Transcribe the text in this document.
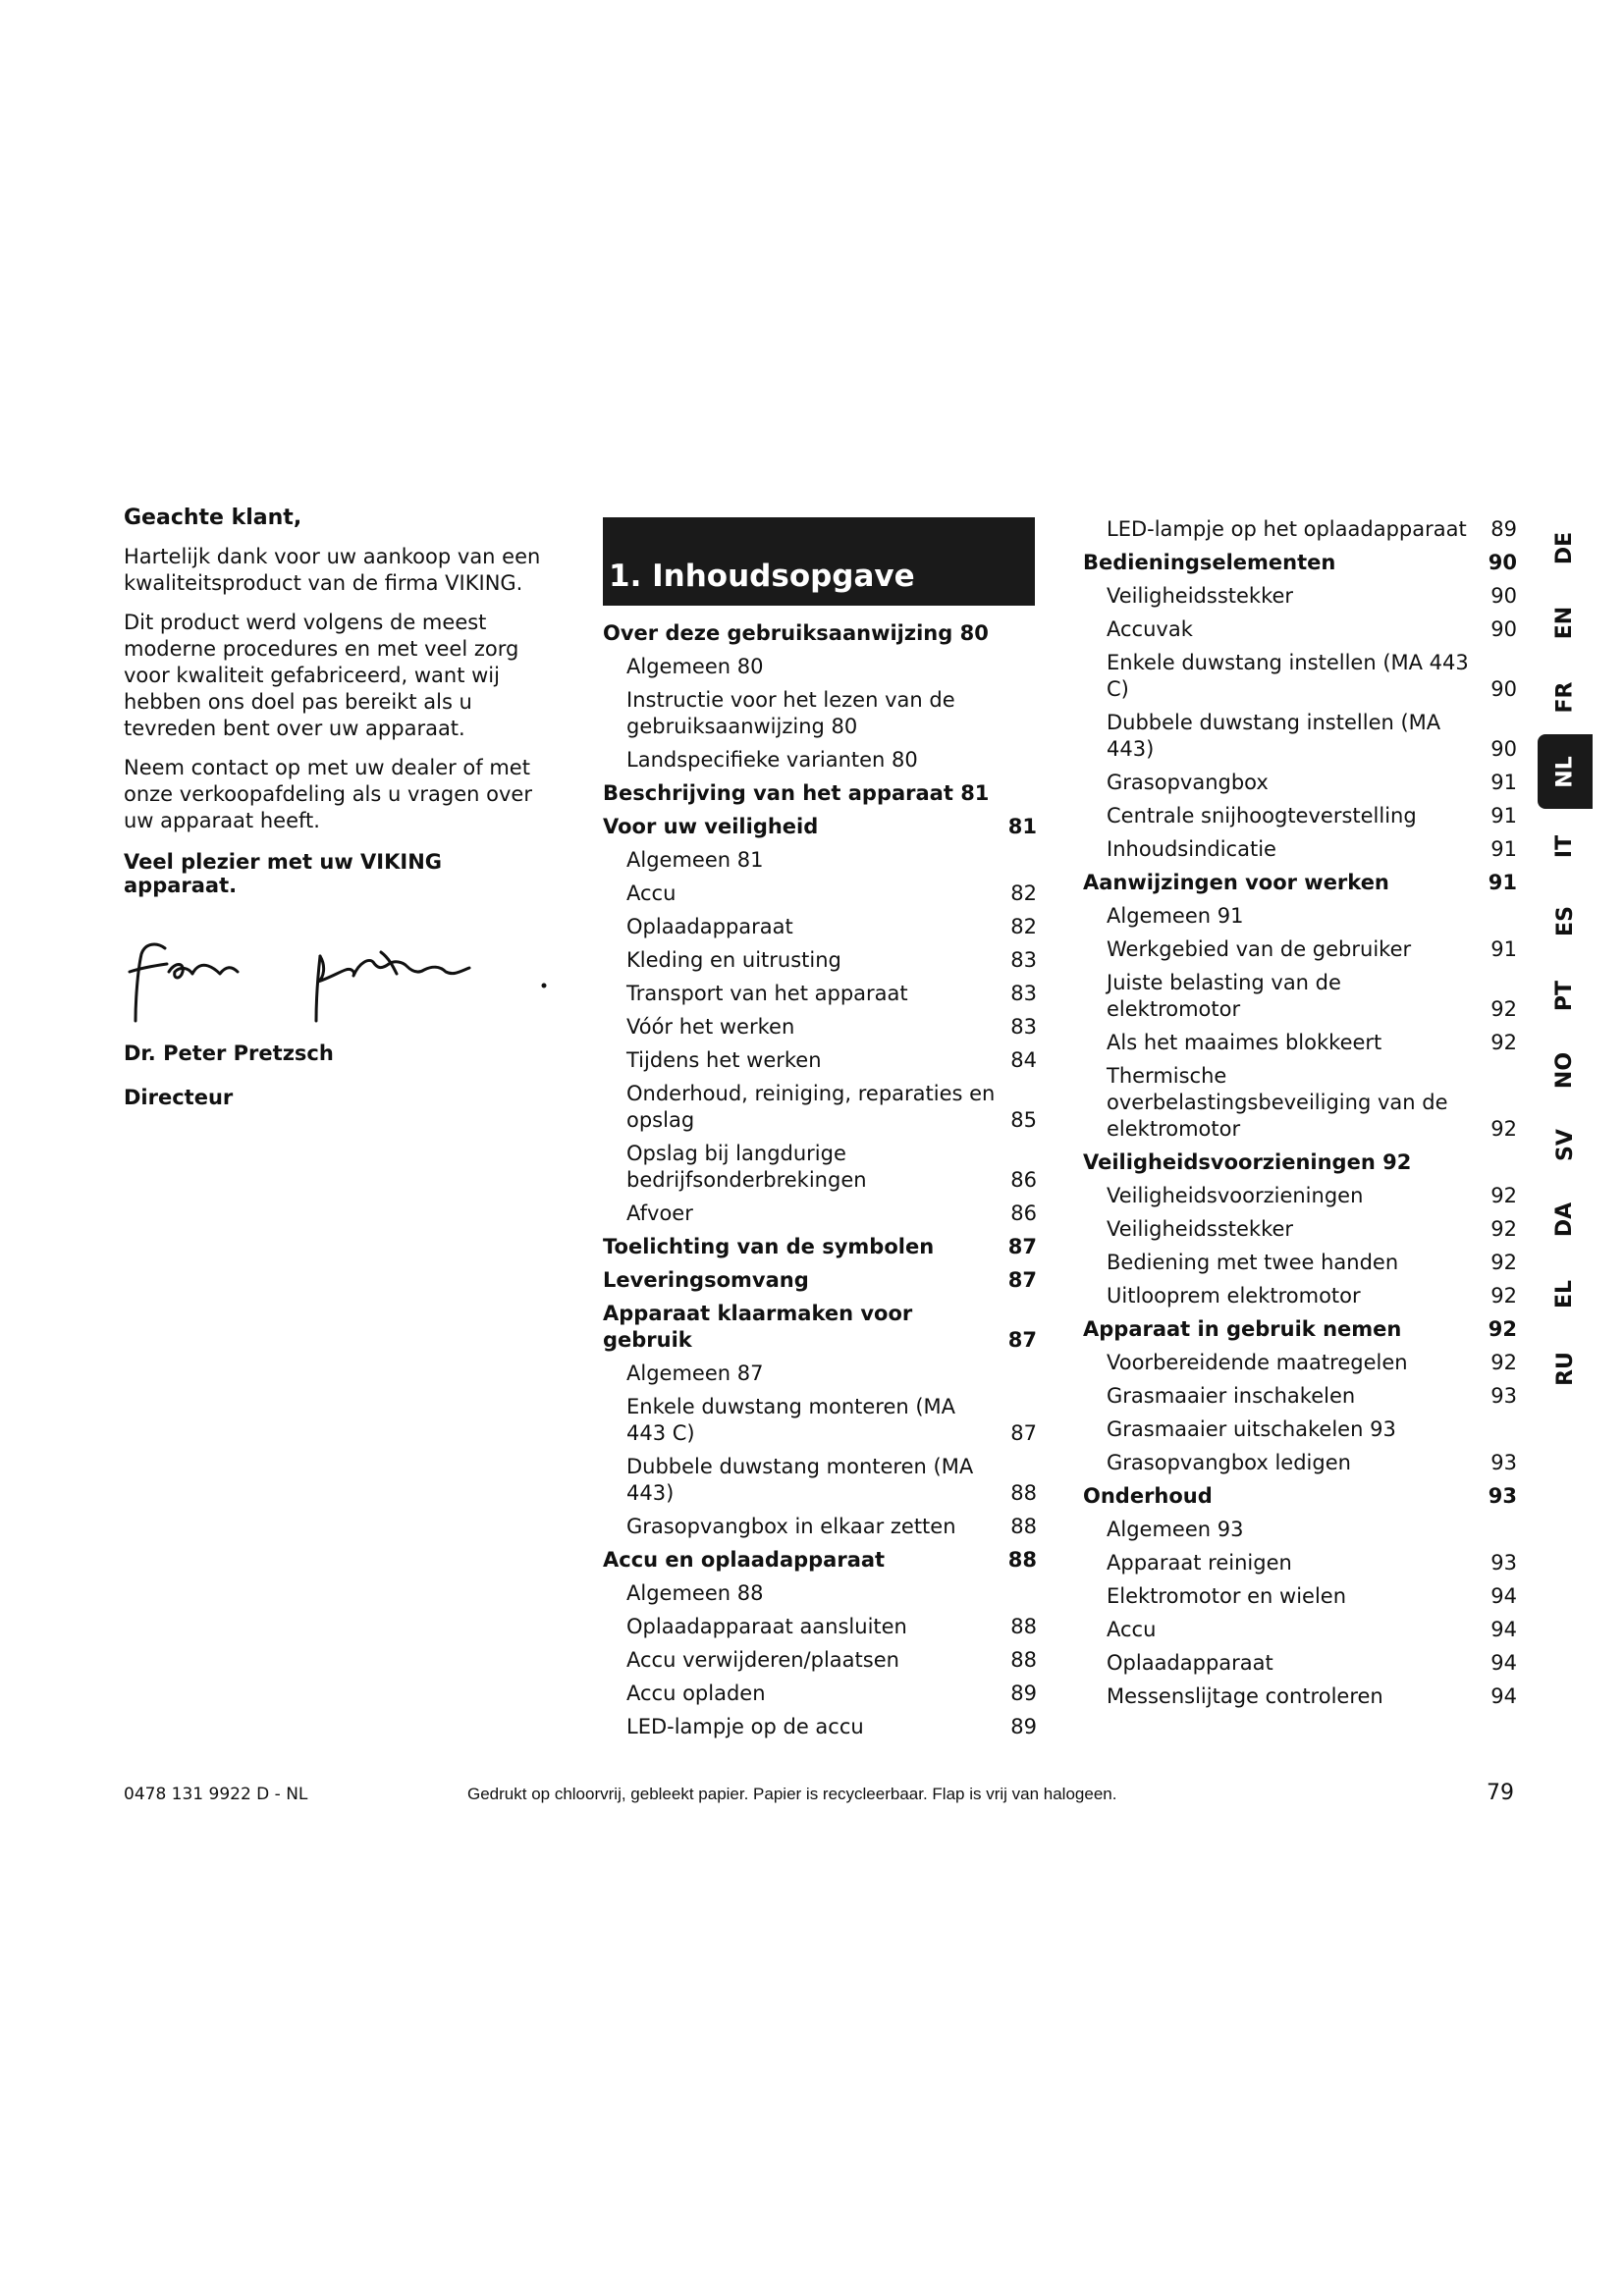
Geachte klant,

Hartelijk dank voor uw aankoop van een kwaliteitsproduct van de firma VIKING.

Dit product werd volgens de meest moderne procedures en met veel zorg voor kwaliteit gefabriceerd, want wij hebben ons doel pas bereikt als u tevreden bent over uw apparaat.

Neem contact op met uw dealer of met onze verkoopafdeling als u vragen over uw apparaat heeft.

Veel plezier met uw VIKING apparaat.
Dr. Peter Pretzsch
Directeur
1. Inhoudsopgave
Over deze gebruiksaanwijzing 80
Algemeen 80
Instructie voor het lezen van de gebruiksaanwijzing 80
Landspecifieke varianten 80
Beschrijving van het apparaat 81
Voor uw veiligheid	81
Algemeen 81
Accu	82
Oplaadapparaat	82
Kleding en uitrusting	83
Transport van het apparaat	83
Vóór het werken	83
Tijdens het werken	84
Onderhoud, reiniging, reparaties en opslag	85
Opslag bij langdurige bedrijfsonderbrekingen	86
Afvoer	86
Toelichting van de symbolen	87
Leveringsomvang	87
Apparaat klaarmaken voor gebruik	87
Algemeen 87
Enkele duwstang monteren (MA 443 C)	87
Dubbele duwstang monteren (MA 443)	88
Grasopvangbox in elkaar zetten	88
Accu en oplaadapparaat	88
Algemeen 88
Oplaadapparaat aansluiten	88
Accu verwijderen/plaatsen	88
Accu opladen	89
LED-lampje op de accu	89
LED-lampje op het oplaadapparaat	89
Bedieningselementen	90
Veiligheidsstekker	90
Accuvak	90
Enkele duwstang instellen (MA 443 C)	90
Dubbele duwstang instellen (MA 443)	90
Grasopvangbox	91
Centrale snijhoogteverstelling	91
Inhoudsindicatie	91
Aanwijzingen voor werken	91
Algemeen 91
Werkgebied van de gebruiker	91
Juiste belasting van de elektromotor	92
Als het maaimes blokkeert	92
Thermische overbelastingsbeveiliging van de elektromotor	92
Veiligheidsvoorzieningen 92
Veiligheidsvoorzieningen	92
Veiligheidsstekker	92
Bediening met twee handen	92
Uitlooprem elektromotor	92
Apparaat in gebruik nemen	92
Voorbereidende maatregelen	92
Grasmaaier inschakelen	93
Grasmaaier uitschakelen 93
Grasopvangbox ledigen	93
Onderhoud	93
Algemeen 93
Apparaat reinigen	93
Elektromotor en wielen	94
Accu	94
Oplaadapparaat	94
Messenslijtage controleren	94
DE
EN
FR
NL
IT
ES
PT
NO
SV
DA
EL
RU
0478 131 9922 D - NL	Gedrukt op chloorvrij, gebleekt papier. Papier is recycleerbaar. Flap is vrij van halogeen.	79
